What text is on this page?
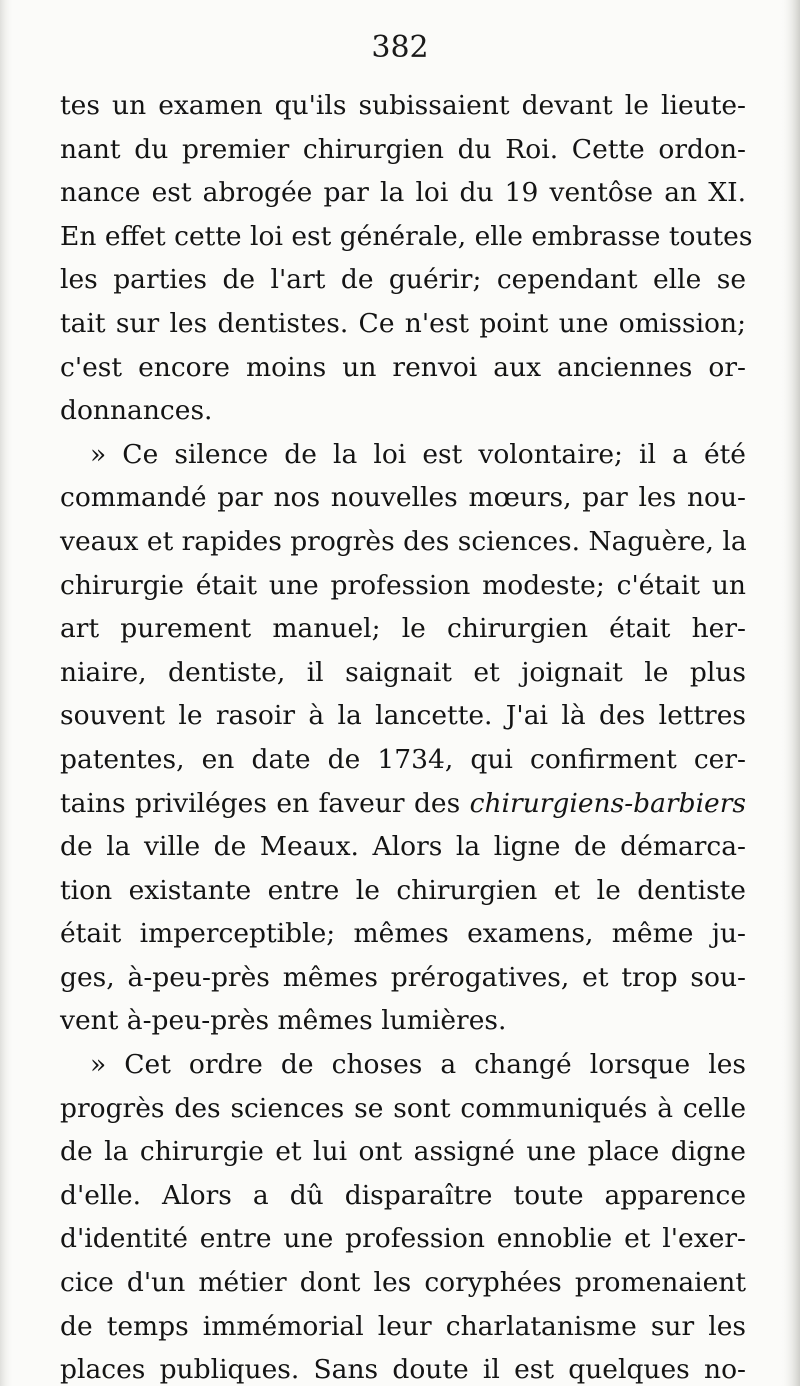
382
tes un examen qu'ils subissaient devant le lieute-
nant du premier chirurgien du Roi. Cette ordon-
nance est abrogée par la loi du 19 ventôse an XI.
En effet cette loi est générale, elle embrasse toutes
les parties de l'art de guérir; cependant elle se
tait sur les dentistes. Ce n'est point une omission;
c'est encore moins un renvoi aux anciennes or-
donnances.
» Ce silence de la loi est volontaire; il a été
commandé par nos nouvelles mœurs, par les nou-
veaux et rapides progrès des sciences. Naguère, la
chirurgie était une profession modeste; c'était un
art purement manuel; le chirurgien était her-
niaire, dentiste, il saignait et joignait le plus
souvent le rasoir à la lancette. J'ai là des lettres
patentes, en date de 1734, qui confirment cer-
tains priviléges en faveur des chirurgiens-barbiers
de la ville de Meaux. Alors la ligne de démarca-
tion existante entre le chirurgien et le dentiste
était imperceptible; mêmes examens, même ju-
ges, à-peu-près mêmes prérogatives, et trop sou-
vent à-peu-près mêmes lumières.
» Cet ordre de choses a changé lorsque les
progrès des sciences se sont communiqués à celle
de la chirurgie et lui ont assigné une place digne
d'elle. Alors a dû disparaître toute apparence
d'identité entre une profession ennoblie et l'exer-
cice d'un métier dont les coryphées promenaient
de temps immémorial leur charlatanisme sur les
places publiques. Sans doute il est quelques no-
